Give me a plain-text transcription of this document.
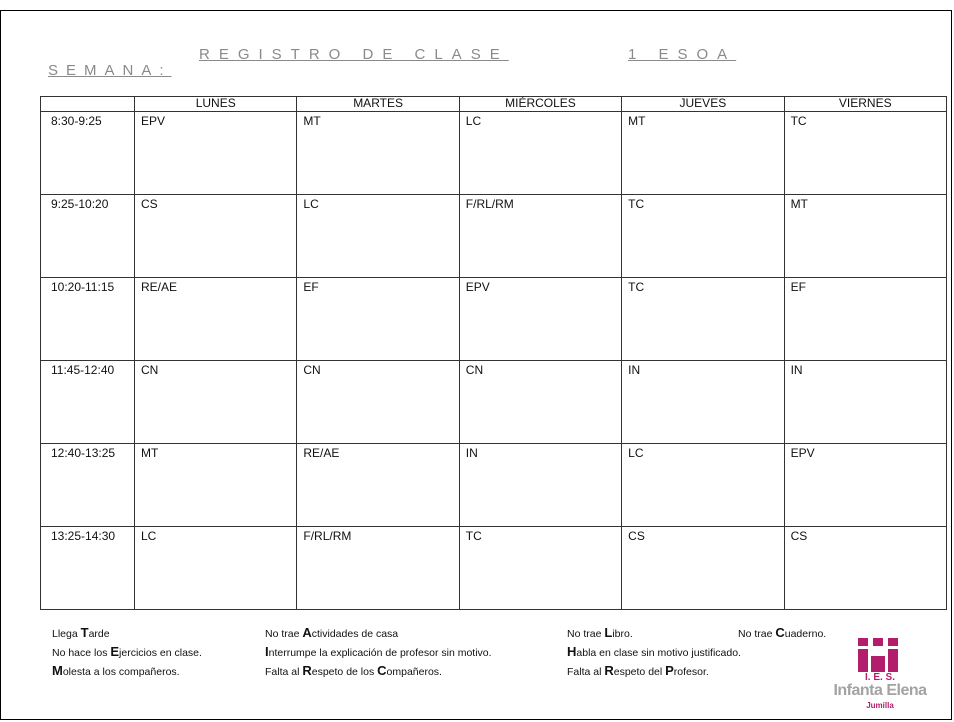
REGISTRO DE CLASE	1 ESOA
SEMANA:
	LUNES	MARTES	MIÉRCOLES	JUEVES	VIERNES

8:30-9:25	EPV	MT	LC	MT	TC

9:25-10:20	CS	LC	F/RL/RM	TC	MT

10:20-11:15	RE/AE	EF	EPV	TC	EF

11:45-12:40	CN	CN	CN	IN	IN

12:40-13:25	MT	RE/AE	IN	LC	EPV

13:25-14:30	LC	F/RL/RM	TC	CS	CS
Llega Tarde
No hace los Ejercicios en clase.
Molesta a los compañeros.
No trae Actividades de casa
Interrumpe la explicación de profesor sin motivo.
Falta al Respeto de los Compañeros.
No trae Libro.
Habla en clase sin motivo justificado.
Falta al Respeto del Profesor.
No trae Cuaderno.
I. E. S.
Infanta Elena
Jumilla
